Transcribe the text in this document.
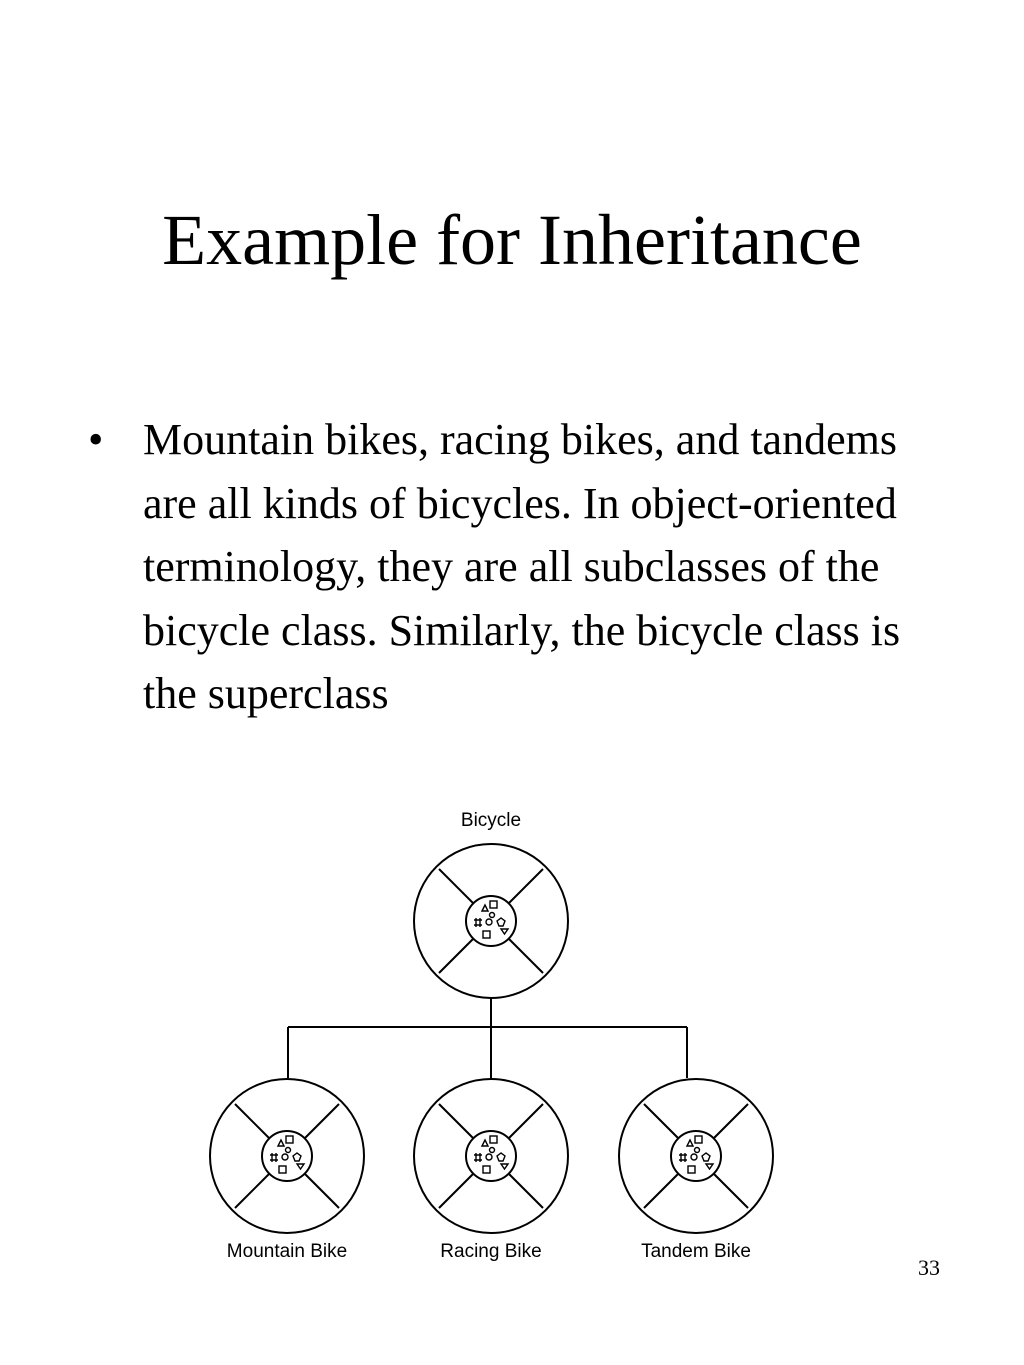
Example for Inheritance
• Mountain bikes, racing bikes, and tandems are all kinds of bicycles. In object-oriented terminology, they are all subclasses of the bicycle class. Similarly, the bicycle class is the superclass
Bicycle
Mountain Bike	Racing Bike	Tandem Bike
33
